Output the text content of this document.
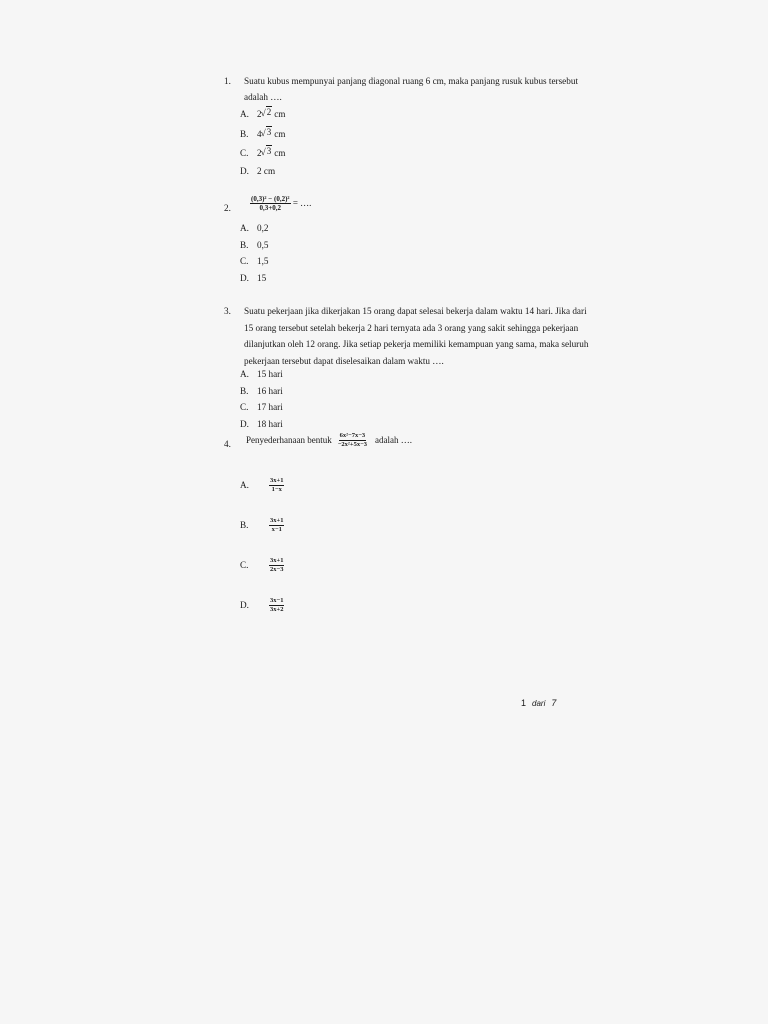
1. Suatu kubus mempunyai panjang diagonal ruang 6 cm, maka panjang rusuk kubus tersebut
adalah ….
A. 2 √ 2 cm
B. 4 √ 3 cm
C. 2 √ 3 cm
D. 2 cm
2.	$\frac{\text{(0,3)² − (0,2)²}}{0,3+0,2}$ = ….
A. 0,2
B. 0,5
C. 1,5
D. 15
3. Suatu pekerjaan jika dikerjakan 15 orang dapat selesai bekerja dalam waktu 14 hari. Jika dari
15 orang tersebut setelah bekerja 2 hari ternyata ada 3 orang yang sakit sehingga pekerjaan
dilanjutkan oleh 12 orang. Jika setiap pekerja memiliki kemampuan yang sama, maka seluruh
pekerjaan tersebut dapat diselesaikan dalam waktu ….
A. 15 hari
B. 16 hari
C. 17 hari
D. 18 hari
4. Penyederhanaan bentuk $\frac{\text{6x²−7x−3}}{\text{−2x²+5x−3}}$ adalah ….
A.	$\frac{3x+1}{1-x}$
B.	$\frac{3x+1}{x-1}$
C.	$\frac{3x+1}{2x-3}$
D.	$\frac{3x-1}{3x+2}$
1 dari 7
